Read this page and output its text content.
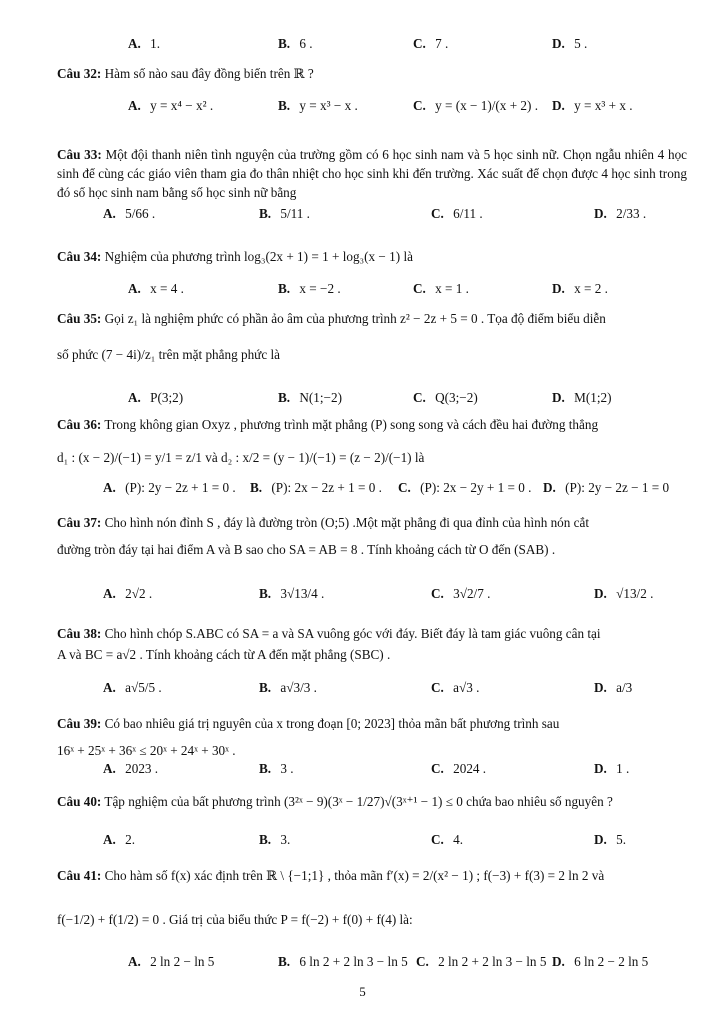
A. 1.	B. 6 .	C. 7 .	D. 5 .
Câu 32: Hàm số nào sau đây đồng biến trên ℝ ?
A. y = x⁴ − x² .	B. y = x³ − x .	C. y = (x − 1)/(x + 2) . D. y = x³ + x .
Câu 33: Một đội thanh niên tình nguyện của trường gồm có 6 học sinh nam và 5 học sinh nữ. Chọn ngẫu nhiên 4 học sinh để cùng các giáo viên tham gia đo thân nhiệt cho học sinh khi đến trường. Xác suất để chọn được 4 học sinh trong đó số học sinh nam bằng số học sinh nữ bằng
A. 5/66 .	B. 5/11 .	C. 6/11 .	D. 2/33 .
Câu 34: Nghiệm của phương trình log₃(2x + 1) = 1 + log₃(x − 1) là
A. x = 4 .	B. x = −2 .	C. x = 1 .	D. x = 2 .
Câu 35: Gọi z₁ là nghiệm phức có phần ảo âm của phương trình z² − 2z + 5 = 0 . Tọa độ điểm biểu diễn
số phức (7 − 4i)/z₁ trên mặt phẳng phức là
A. P(3;2)	B. N(1;−2)	C. Q(3;−2)	D. M(1;2)
Câu 36: Trong không gian Oxyz , phương trình mặt phẳng (P) song song và cách đều hai đường thẳng
d₁ : (x − 2)/(−1) = y/1 = z/1 và d₂ : x/2 = (y − 1)/(−1) = (z − 2)/(−1) là
A. (P): 2y − 2z + 1 = 0 . B. (P): 2x − 2z + 1 = 0 . C. (P): 2x − 2y + 1 = 0 . D. (P): 2y − 2z − 1 = 0
Câu 37: Cho hình nón đỉnh S , đáy là đường tròn (O;5) .Một mặt phẳng đi qua đỉnh của hình nón cắt
đường tròn đáy tại hai điểm A và B sao cho SA = AB = 8 . Tính khoảng cách từ O đến (SAB) .
A. 2√2 .	B. 3√13/4 .	C. 3√2/7 .	D. √13/2 .
Câu 38: Cho hình chóp S.ABC có SA = a và SA vuông góc với đáy. Biết đáy là tam giác vuông cân tại
A và BC = a√2 . Tính khoảng cách từ A đến mặt phẳng (SBC) .
A. a√5/5 .	B. a√3/3 .	C. a√3 .	D. a/3
Câu 39: Có bao nhiêu giá trị nguyên của x trong đoạn [0; 2023] thỏa mãn bất phương trình sau
16ˣ + 25ˣ + 36ˣ ≤ 20ˣ + 24ˣ + 30ˣ .
A. 2023 .	B. 3 .	C. 2024 .	D. 1 .
Câu 40: Tập nghiệm của bất phương trình (3²ˣ − 9)(3ˣ − 1/27)√(3ˣ⁺¹ − 1) ≤ 0 chứa bao nhiêu số nguyên ?
A. 2.	B. 3.	C. 4.	D. 5.
Câu 41: Cho hàm số f(x) xác định trên ℝ \ {−1;1} , thỏa mãn f′(x) = 2/(x² − 1) ; f(−3) + f(3) = 2 ln 2 và
f(−1/2) + f(1/2) = 0 . Giá trị của biểu thức P = f(−2) + f(0) + f(4) là:
A. 2 ln 2 − ln 5	B. 6 ln 2 + 2 ln 3 − ln 5 C. 2 ln 2 + 2 ln 3 − ln 5 D. 6 ln 2 − 2 ln 5
5
